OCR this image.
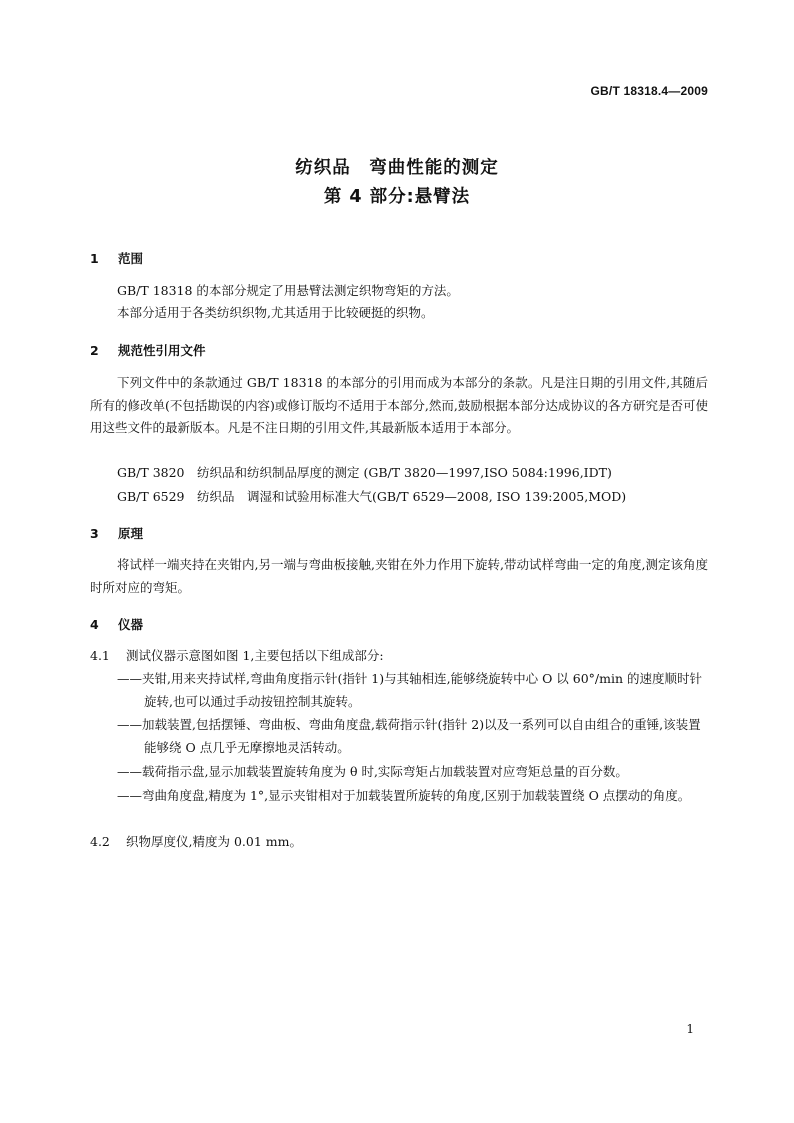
GB/T 18318.4—2009
纺织品　弯曲性能的测定
第 4 部分:悬臂法
1 范围
GB/T 18318 的本部分规定了用悬臂法测定织物弯矩的方法。
本部分适用于各类纺织织物,尤其适用于比较硬挺的织物。
2 规范性引用文件
下列文件中的条款通过 GB/T 18318 的本部分的引用而成为本部分的条款。凡是注日期的引用文件,其随后所有的修改单(不包括勘误的内容)或修订版均不适用于本部分,然而,鼓励根据本部分达成协议的各方研究是否可使用这些文件的最新版本。凡是不注日期的引用文件,其最新版本适用于本部分。
GB/T 3820　纺织品和纺织制品厚度的测定 (GB/T 3820—1997,ISO 5084:1996,IDT)
GB/T 6529　纺织品　调湿和试验用标准大气(GB/T 6529—2008, ISO 139:2005,MOD)
3 原理
将试样一端夹持在夹钳内,另一端与弯曲板接触,夹钳在外力作用下旋转,带动试样弯曲一定的角度,测定该角度时所对应的弯矩。
4 仪器
4.1 测试仪器示意图如图 1,主要包括以下组成部分:
——夹钳,用来夹持试样,弯曲角度指示针(指针 1)与其轴相连,能够绕旋转中心 O 以 60°/min 的速度顺时针旋转,也可以通过手动按钮控制其旋转。
——加载装置,包括摆锤、弯曲板、弯曲角度盘,载荷指示针(指针 2)以及一系列可以自由组合的重锤,该装置能够绕 O 点几乎无摩擦地灵活转动。
——载荷指示盘,显示加载装置旋转角度为 θ 时,实际弯矩占加载装置对应弯矩总量的百分数。
——弯曲角度盘,精度为 1°,显示夹钳相对于加载装置所旋转的角度,区别于加载装置绕 O 点摆动的角度。
4.2 织物厚度仪,精度为 0.01 mm。
1
